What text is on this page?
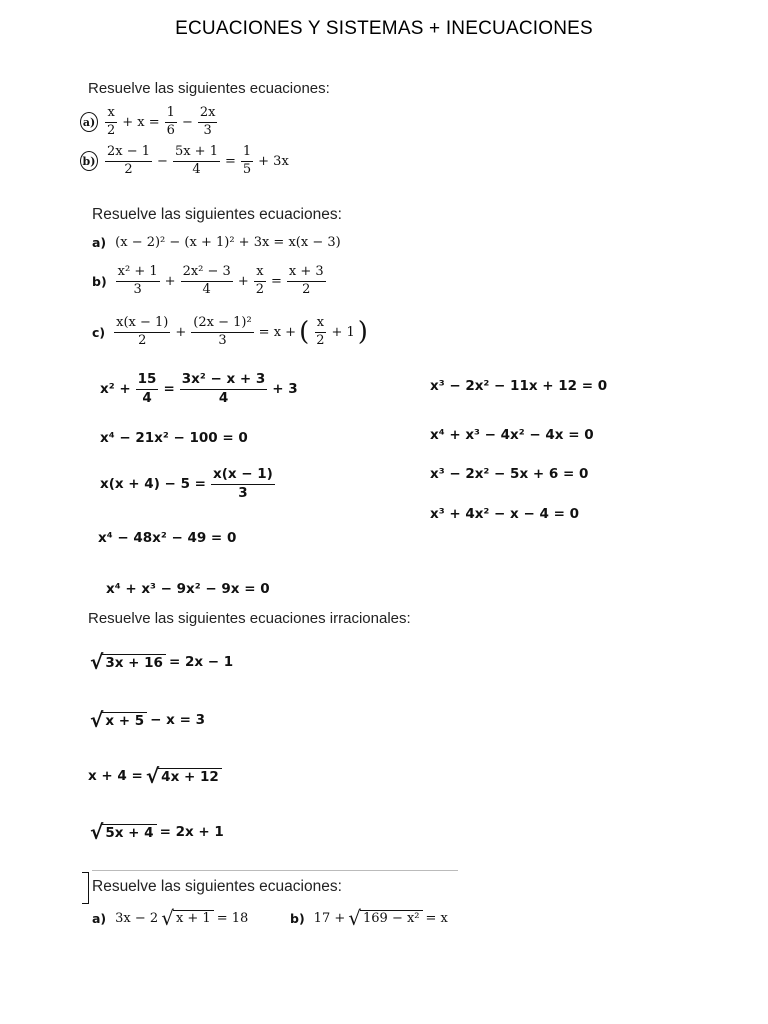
ECUACIONES Y SISTEMAS + INECUACIONES
Resuelve las siguientes ecuaciones:
$a) \frac{x}{2} + x = \frac{1}{6} - \frac{2x}{3}$
$b) \frac{2x - 1}{2} - \frac{5x + 1}{4} = \frac{1}{5} + 3x$
Resuelve las siguientes ecuaciones:
a) (x − 2)² − (x + 1)² + 3x = x(x − 3)
$b) \frac{\text{x² + 1}}{3} + \frac{\text{2x² − 3}}{4} + \frac{x}{2} = \frac{x + 3}{2}$
$c) \frac{x(x - 1)}{2} + \frac{\text{(2x − 1)²}}{3} = x$ + ( $\frac{x}{2} + 1$ )
$x^2 + \frac{15}{4} = \frac{\text{3x² − x + 3}}{4} + 3$
x⁴ − 21x² − 100 = 0
$x(x + 4) - 5 = \frac{x(x - 1)}{3}$
x⁴ − 48x² − 49 = 0
x⁴ + x³ − 9x² − 9x = 0
x³ − 2x² − 11x + 12 = 0
x⁴ + x³ − 4x² − 4x = 0
x³ − 2x² − 5x + 6 = 0
x³ + 4x² − x − 4 = 0
Resuelve las siguientes ecuaciones irracionales:
√ 3x + 16 = 2x − 1
√ x + 5 − x = 3
x + 4 = √ 4x + 12
√ 5x + 4 = 2x + 1
Resuelve las siguientes ecuaciones:
a) 3x − 2 √ x + 1 = 18	b) 17 + √ 169 − x² = x
